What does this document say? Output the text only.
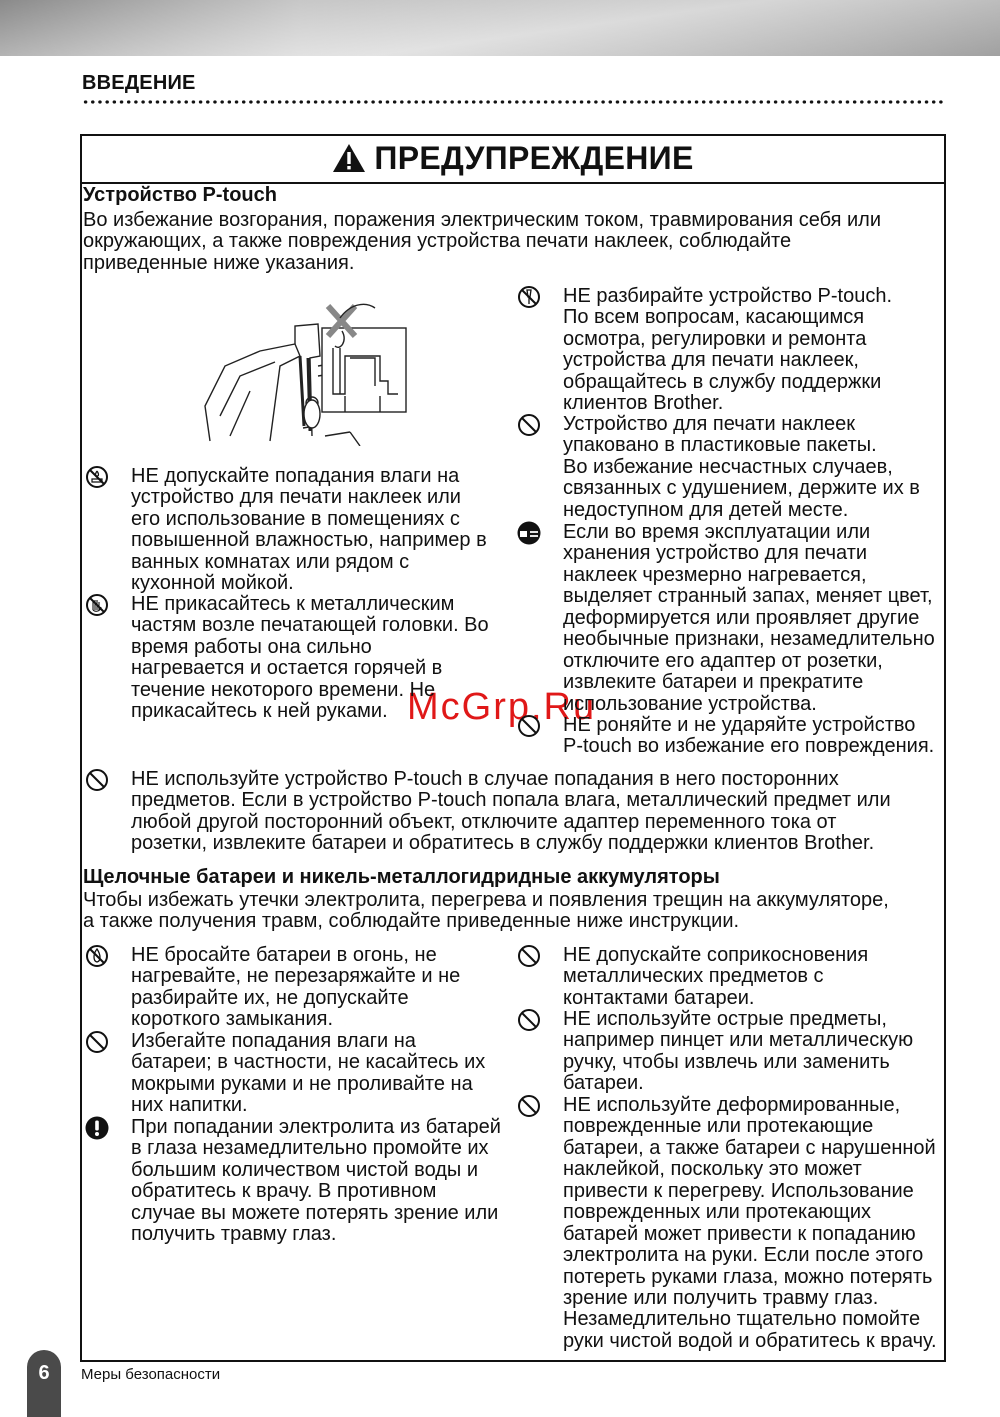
ВВЕДЕНИЕ
ПРЕДУПРЕЖДЕНИЕ
Устройство P-touch
Во избежание возгорания, поражения электрическим током, травмирования себя или
окружающих, а также повреждения устройства печати наклеек, соблюдайте
приведенные ниже указания.
Щелочные батареи и никель-металлогидридные аккумуляторы
Чтобы избежать утечки электролита, перегрева и появления трещин на аккумуляторе,
а также получения травм, соблюдайте приведенные ниже инструкции.
McGrp.Ru
6	Меры безопасности
НЕ допускайте попадания влаги на
устройство для печати наклеек или
его использование в помещениях с
повышенной влажностью, например в
ванных комнатах или рядом с
кухонной мойкой.
НЕ прикасайтесь к металлическим
частям возле печатающей головки. Во
время работы она сильно
нагревается и остается горячей в
течение некоторого времени. Не
прикасайтесь к ней руками.
НЕ разбирайте устройство P-touch.
По всем вопросам, касающимся
осмотра, регулировки и ремонта
устройства для печати наклеек,
обращайтесь в службу поддержки
клиентов Brother.
Устройство для печати наклеек
упаковано в пластиковые пакеты.
Во избежание несчастных случаев,
связанных с удушением, держите их в
недоступном для детей месте.
Если во время эксплуатации или
хранения устройство для печати
наклеек чрезмерно нагревается,
выделяет странный запах, меняет цвет,
деформируется или проявляет другие
необычные признаки, незамедлительно
отключите его адаптер от розетки,
извлеките батареи и прекратите
использование устройства.
НЕ роняйте и не ударяйте устройство
P-touch во избежание его повреждения.
НЕ используйте устройство P-touch в случае попадания в него посторонних
предметов. Если в устройство P-touch попала влага, металлический предмет или
любой другой посторонний объект, отключите адаптер переменного тока от
розетки, извлеките батареи и обратитесь в службу поддержки клиентов Brother.
НЕ бросайте батареи в огонь, не
нагревайте, не перезаряжайте и не
разбирайте их, не допускайте
короткого замыкания.
Избегайте попадания влаги на
батареи; в частности, не касайтесь их
мокрыми руками и не проливайте на
них напитки.
При попадании электролита из батарей
в глаза незамедлительно промойте их
большим количеством чистой воды и
обратитесь к врачу. В противном
случае вы можете потерять зрение или
получить травму глаз.
НЕ допускайте соприкосновения
металлических предметов с
контактами батареи.
НЕ используйте острые предметы,
например пинцет или металлическую
ручку, чтобы извлечь или заменить
батареи.
НЕ используйте деформированные,
поврежденные или протекающие
батареи, а также батареи с нарушенной
наклейкой, поскольку это может
привести к перегреву. Использование
поврежденных или протекающих
батарей может привести к попаданию
электролита на руки. Если после этого
потереть руками глаза, можно потерять
зрение или получить травму глаз.
Незамедлительно тщательно помойте
руки чистой водой и обратитесь к врачу.
